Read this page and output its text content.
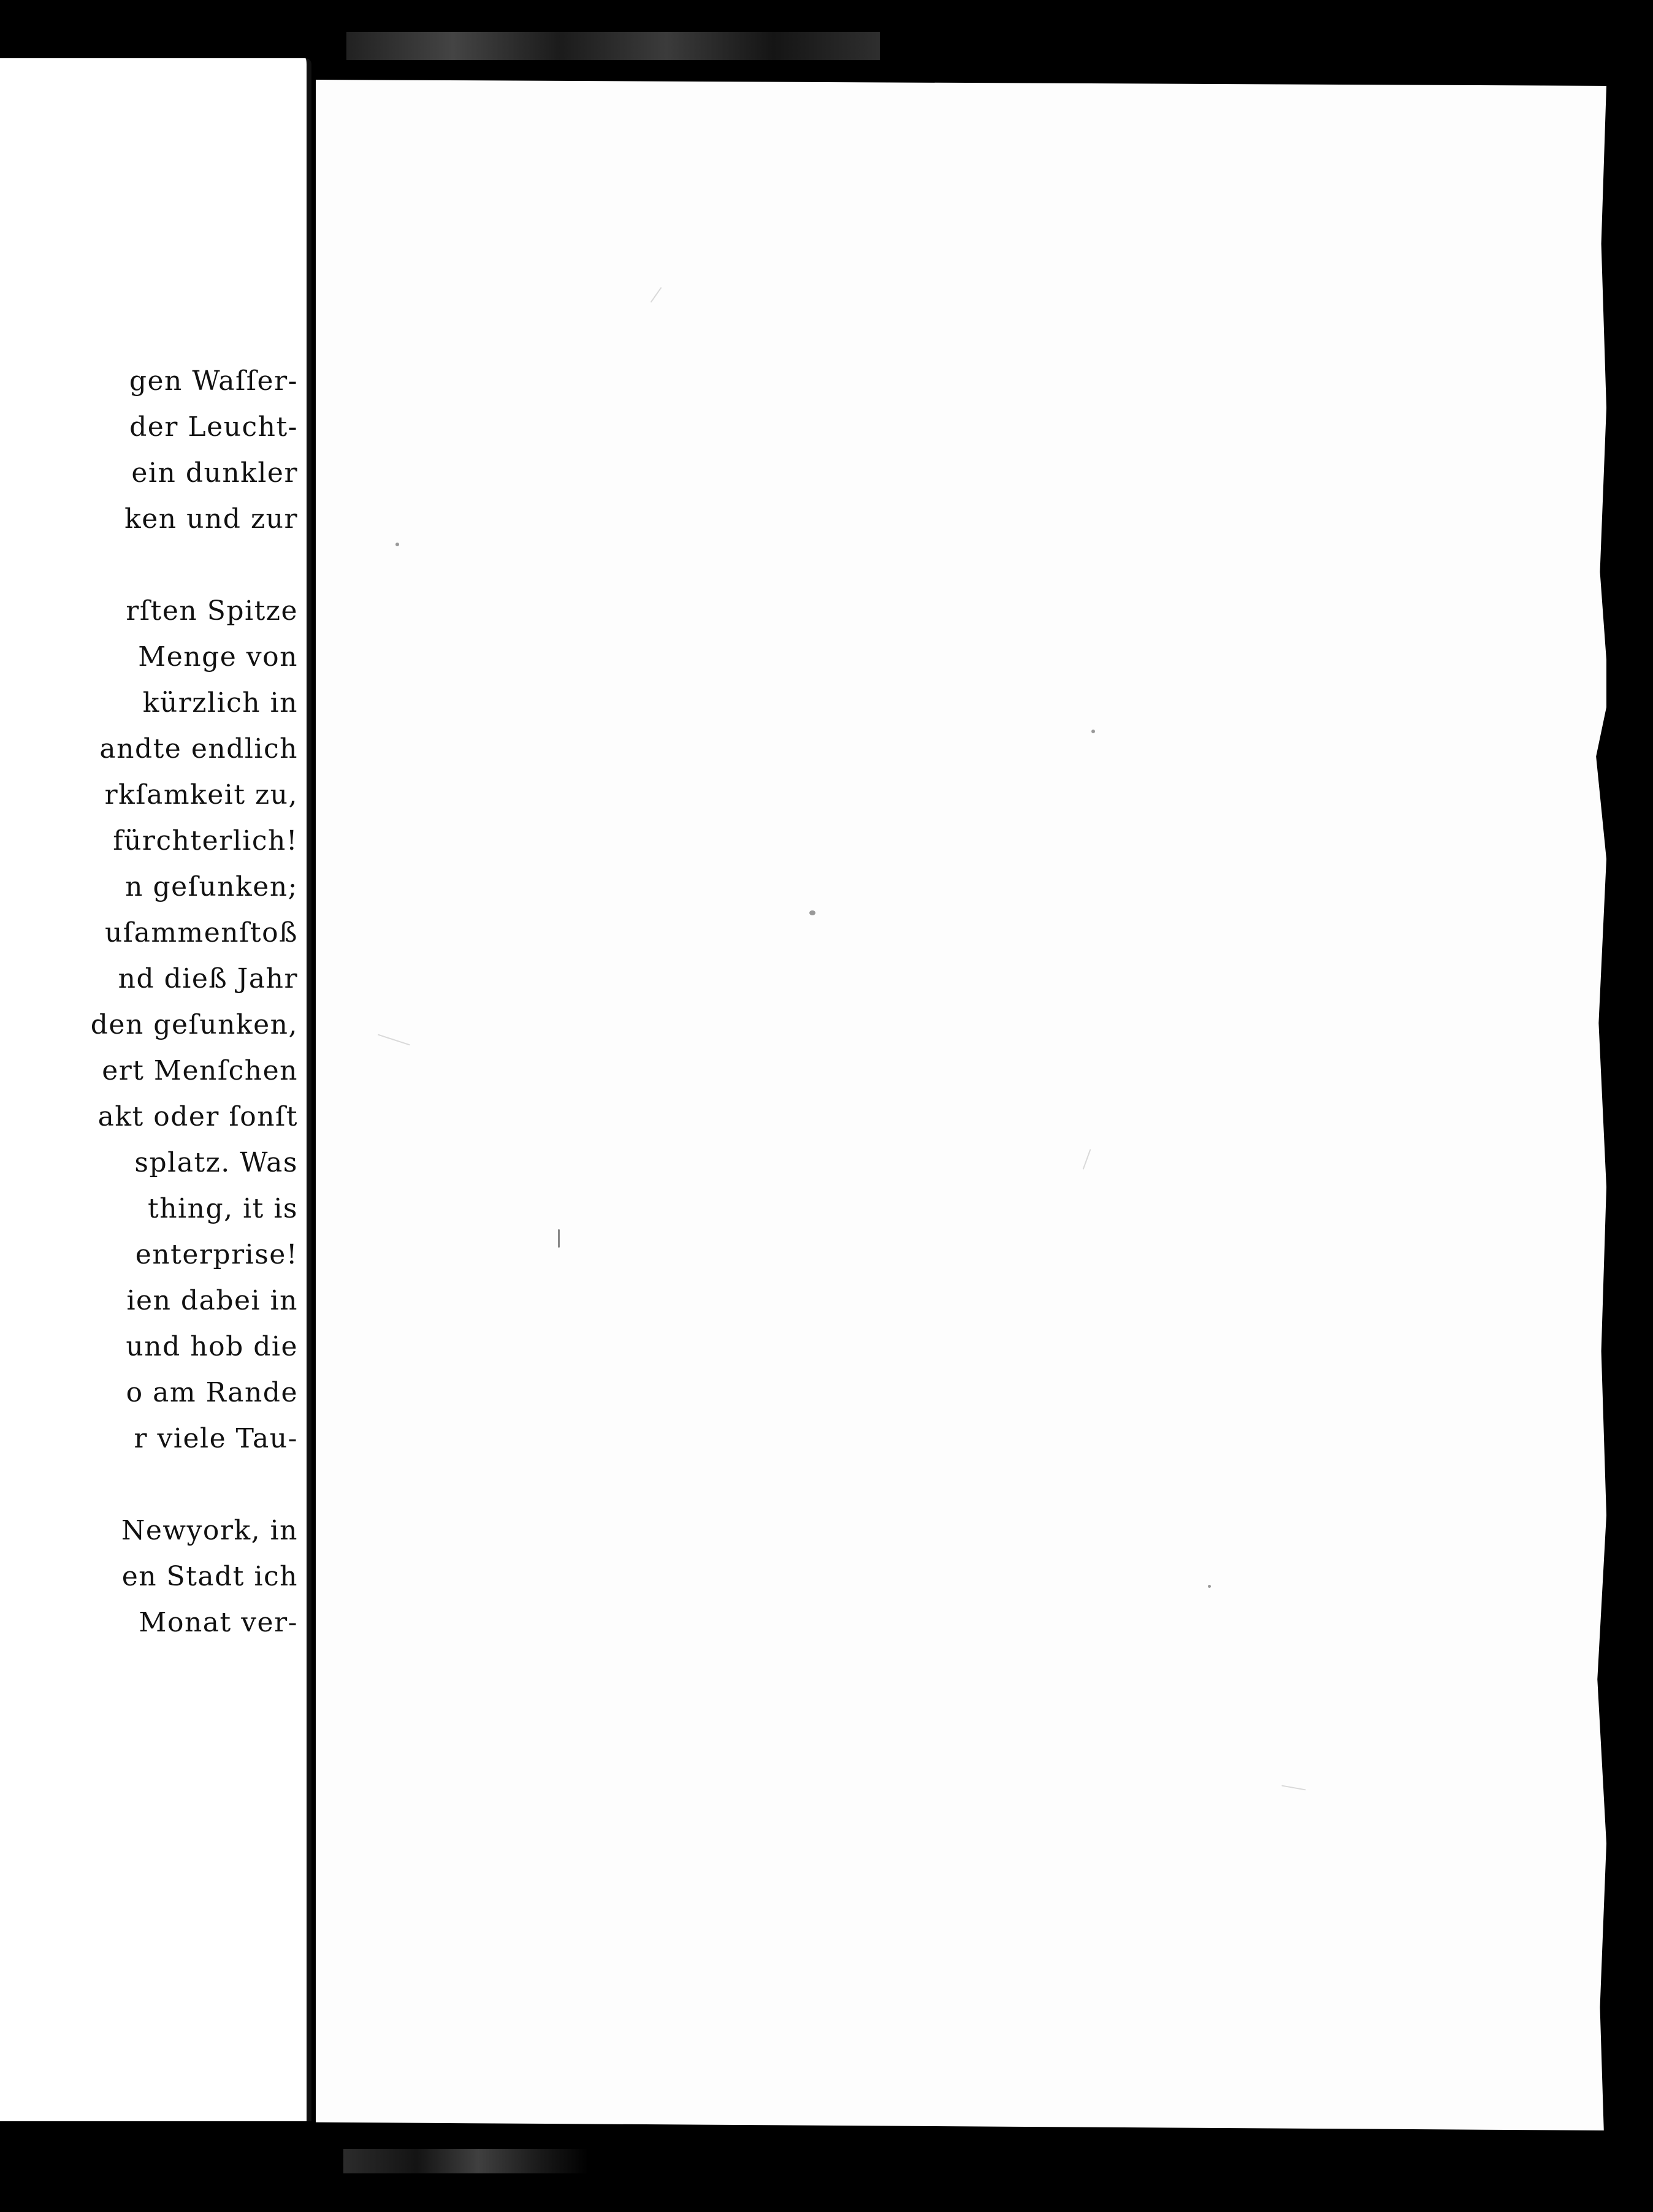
gen Waſſer-
der Leucht-
ein dunkler
ken und zur
rſten Spitze
Menge von
kürzlich in
andte endlich
rkſamkeit zu,
fürchterlich!
n geſunken;
uſammenſtoß
nd dieß Jahr
den geſunken,
ert Menſchen
akt oder ſonſt
splatz. Was
thing, it is
enterprise!
ien dabei in
und hob die
o am Rande
r viele Tau-
Newyork, in
en Stadt ich
Monat ver-
